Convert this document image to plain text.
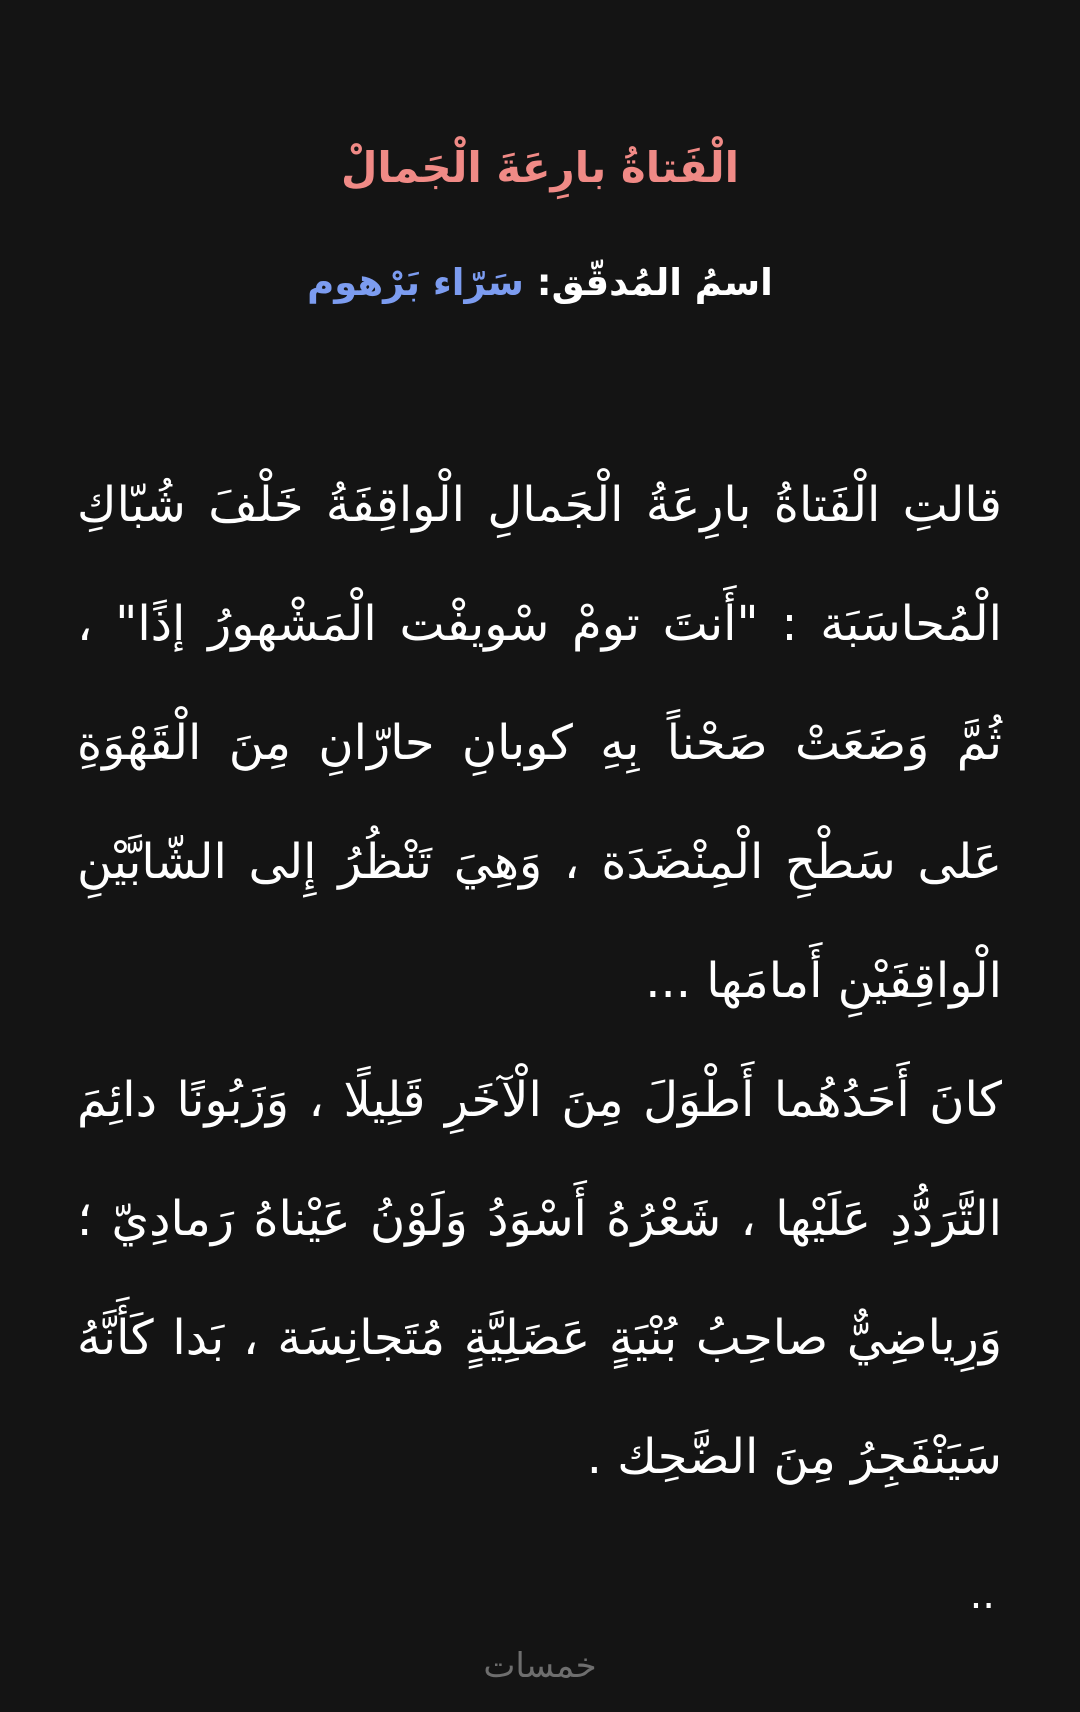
الْفَتاةُ بارِعَةَ الْجَمالْ
اسمُ المُدقّق: سَرّاء بَرْهوم

قالتِ الْفَتاةُ بارِعَةُ الْجَمالِ الْواقِفَةُ خَلْفَ شُبّاكِ الْمُحاسَبَة : "أَنتَ تومْ سْويفْت الْمَشْهورُ إذًا" ، ثُمَّ وَضَعَتْ صَحْناً بِهِ كوبانِ حارّانِ مِنَ الْقَهْوَةِ عَلى سَطْحِ الْمِنْضَدَة ، وَهِيَ تَنْظُرُ إِلى الشّابَّيْنِ الْواقِفَيْنِ أَمامَها ...

كانَ أَحَدُهُما أَطْوَلَ مِنَ الْآخَرِ قَلِيلًا ، وَزَبُونًا دائِمَ التَّرَدُّدِ عَلَيْها ، شَعْرُهُ أَسْوَدُ وَلَوْنُ عَيْناهُ رَمادِيّ ؛ وَرِياضِيٌّ صاحِبُ بُنْيَةٍ عَضَلِيَّةٍ مُتَجانِسَة ، بَدا كَأَنَّهُ سَيَنْفَجِرُ مِنَ الضَّحِك .

..
خمسات
